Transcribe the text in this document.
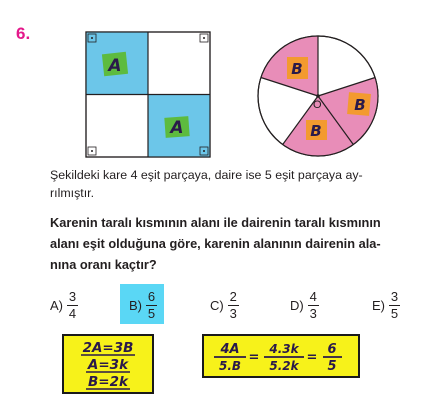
6.
A
A
O
B
B
B
Şekildeki kare 4 eşit parçaya, daire ise 5 eşit parçaya ay-
rılmıştır.
Karenin taralı kısmının alanı ile dairenin taralı kısmının
alanı eşit olduğuna göre, karenin alanının dairenin ala-
nına oranı kaçtır?
$A) \frac{3}{4}$	$B) \frac{6}{5}$	$C) \frac{2}{3}$	$D) \frac{4}{3}$	$E) \frac{3}{5}$
2A=3B
A=3k
B=2k
4A
5.B
=
4.3k
5.2k
=
6
5
